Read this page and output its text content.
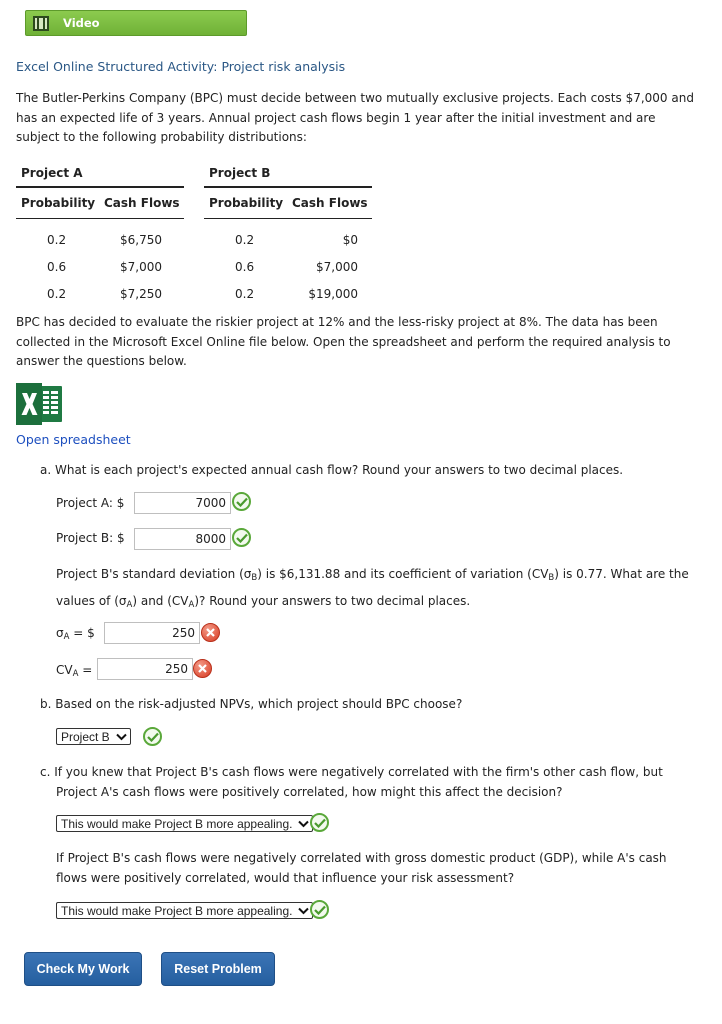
Video
Excel Online Structured Activity: Project risk analysis
The Butler-Perkins Company (BPC) must decide between two mutually exclusive projects. Each costs $7,000 and
has an expected life of 3 years. Annual project cash flows begin 1 year after the initial investment and are
subject to the following probability distributions:
Project A
Probability Cash Flows
0.2	$6,750
0.6	$7,000
0.2	$7,250
Project B
Probability Cash Flows
0.2	$0
0.6	$7,000
0.2	$19,000
BPC has decided to evaluate the riskier project at 12% and the less-risky project at 8%. The data has been
collected in the Microsoft Excel Online file below. Open the spreadsheet and perform the required analysis to
answer the questions below.
Open spreadsheet
a. What is each project's expected annual cash flow? Round your answers to two decimal places.
Project A: $	7000
Project B: $	8000
Project B's standard deviation $(\sigma_B)$ is $6,131.88 and its coefficient of variation $(CV_B)$ is 0.77. What are the
values of $(\sigma_A)$ and $(CV_A)$? Round your answers to two decimal places.
$\sigma_A$ = $	250
$CV_A$ =	250
b. Based on the risk-adjusted NPVs, which project should BPC choose?
Project B
c. If you knew that Project B's cash flows were negatively correlated with the firm's other cash flow, but
Project A's cash flows were positively correlated, how might this affect the decision?
This would make Project B more appealing.
If Project B's cash flows were negatively correlated with gross domestic product (GDP), while A's cash
flows were positively correlated, would that influence your risk assessment?
This would make Project B more appealing.
Check My Work	Reset Problem
